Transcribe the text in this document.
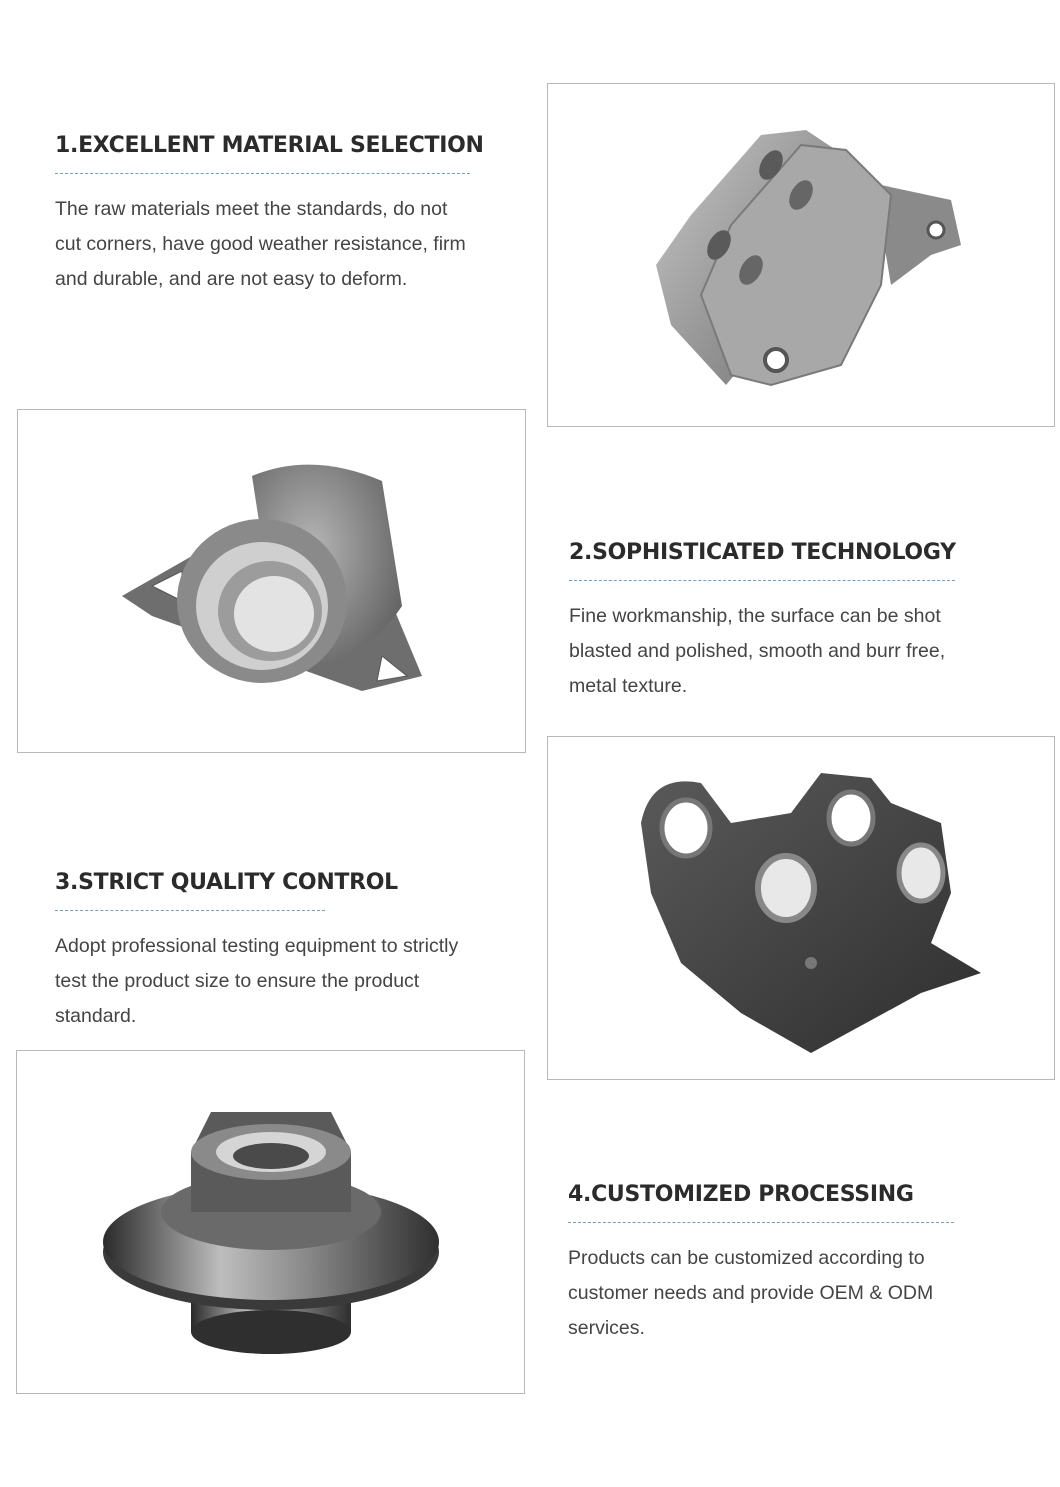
1.EXCELLENT MATERIAL SELECTION

The raw materials meet the standards, do not cut corners, have good weather resistance, firm and durable, and are not easy to deform.

2.SOPHISTICATED TECHNOLOGY

Fine workmanship, the surface can be shot blasted and polished, smooth and burr free, metal texture.

3.STRICT QUALITY CONTROL

Adopt professional testing equipment to strictly test the product size to ensure the product standard.

4.CUSTOMIZED PROCESSING

Products can be customized according to customer needs and provide OEM & ODM services.
